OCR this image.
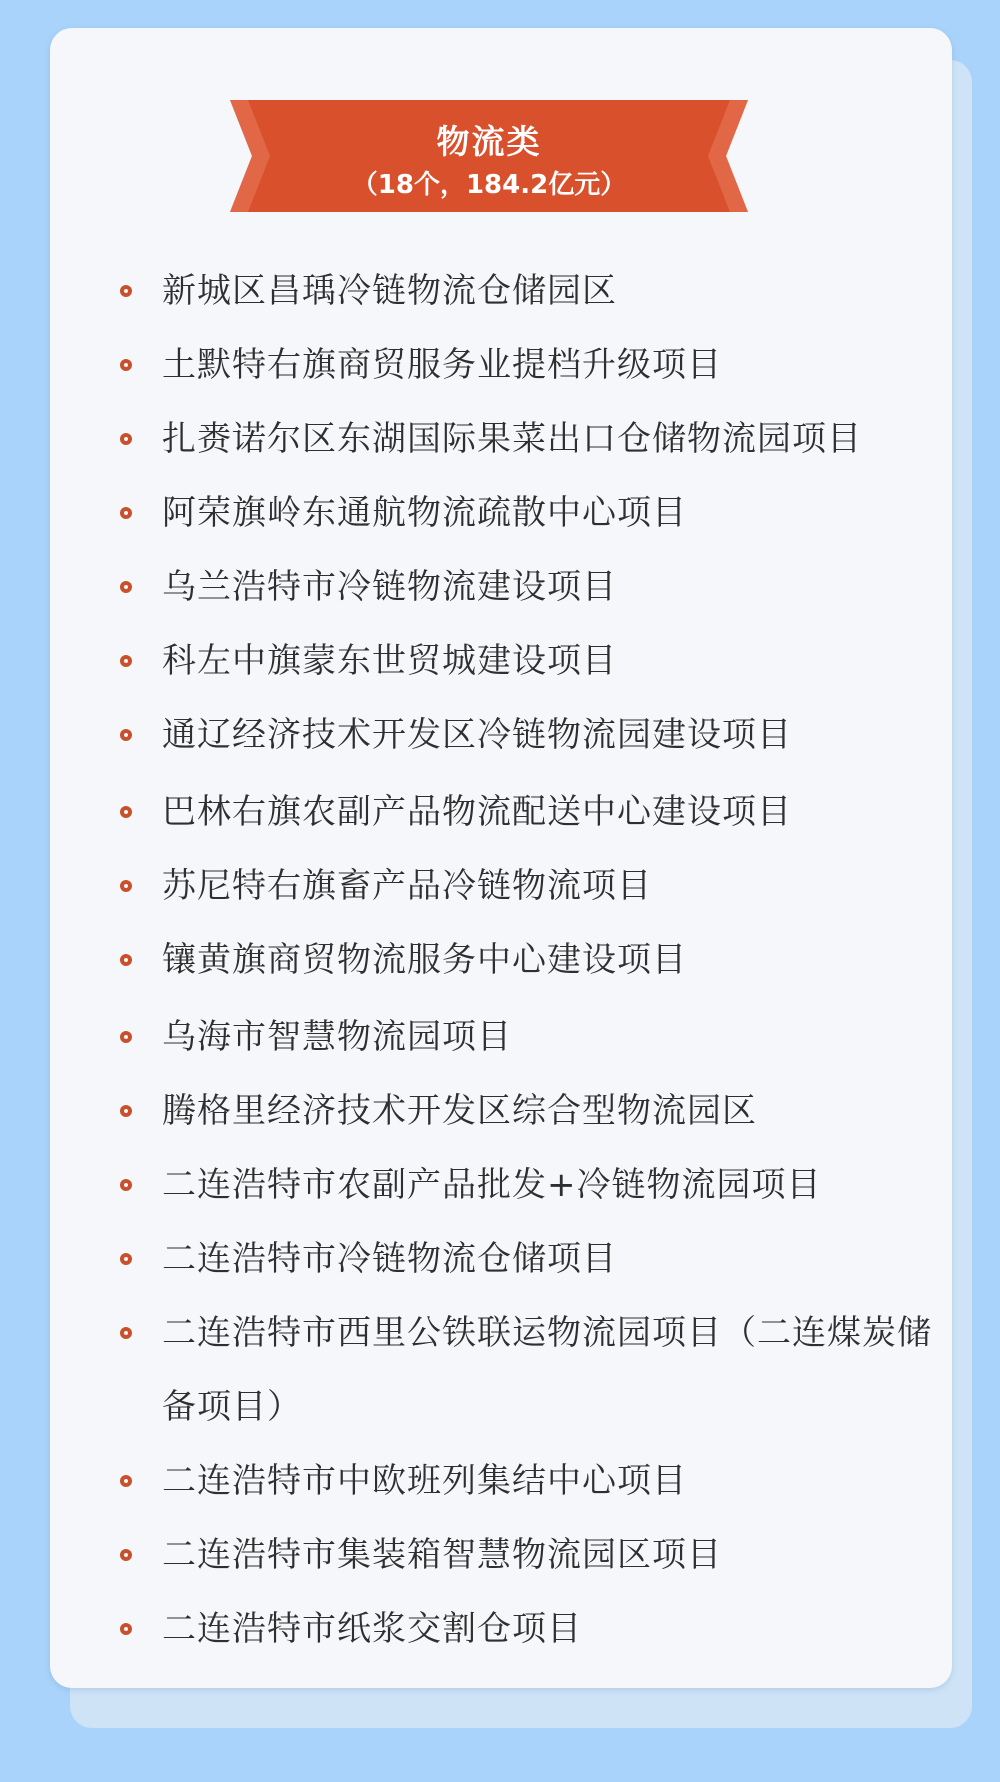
物流类
（18个，184.2亿元）
新城区昌瑀冷链物流仓储园区
土默特右旗商贸服务业提档升级项目
扎赉诺尔区东湖国际果菜出口仓储物流园项目
阿荣旗岭东通航物流疏散中心项目
乌兰浩特市冷链物流建设项目
科左中旗蒙东世贸城建设项目
通辽经济技术开发区冷链物流园建设项目
巴林右旗农副产品物流配送中心建设项目
苏尼特右旗畜产品冷链物流项目
镶黄旗商贸物流服务中心建设项目
乌海市智慧物流园项目
腾格里经济技术开发区综合型物流园区
二连浩特市农副产品批发+冷链物流园项目
二连浩特市冷链物流仓储项目
二连浩特市西里公铁联运物流园项目（二连煤炭储备项目）
二连浩特市中欧班列集结中心项目
二连浩特市集装箱智慧物流园区项目
二连浩特市纸浆交割仓项目
